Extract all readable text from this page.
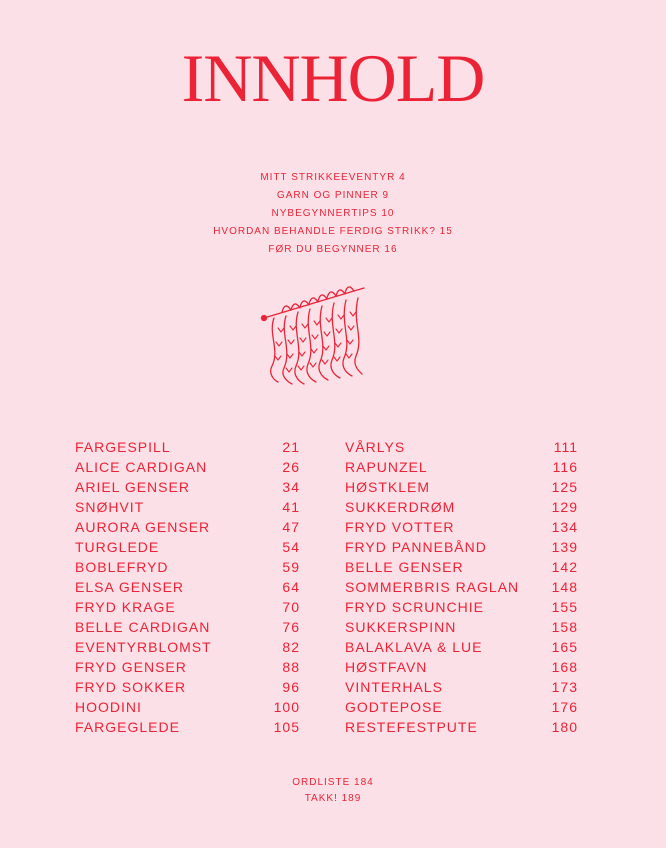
INNHOLD
MITT STRIKKEEVENTYR 4
GARN OG PINNER 9
NYBEGYNNERTIPS 10
HVORDAN BEHANDLE FERDIG STRIKK? 15
FØR DU BEGYNNER 16
FARGESPILL	21
ALICE CARDIGAN	26
ARIEL GENSER	34
SNØHVIT	41
AURORA GENSER	47
TURGLEDE	54
BOBLEFRYD	59
ELSA GENSER	64
FRYD KRAGE	70
BELLE CARDIGAN	76
EVENTYRBLOMST	82
FRYD GENSER	88
FRYD SOKKER	96
HOODINI	100
FARGEGLEDE	105
VÅRLYS	111
RAPUNZEL	116
HØSTKLEM	125
SUKKERDRØM	129
FRYD VOTTER	134
FRYD PANNEBÅND	139
BELLE GENSER	142
SOMMERBRIS RAGLAN 148
FRYD SCRUNCHIE	155
SUKKERSPINN	158
BALAKLAVA & LUE	165
HØSTFAVN	168
VINTERHALS	173
GODTEPOSE	176
RESTEFESTPUTE	180
ORDLISTE 184
TAKK! 189
